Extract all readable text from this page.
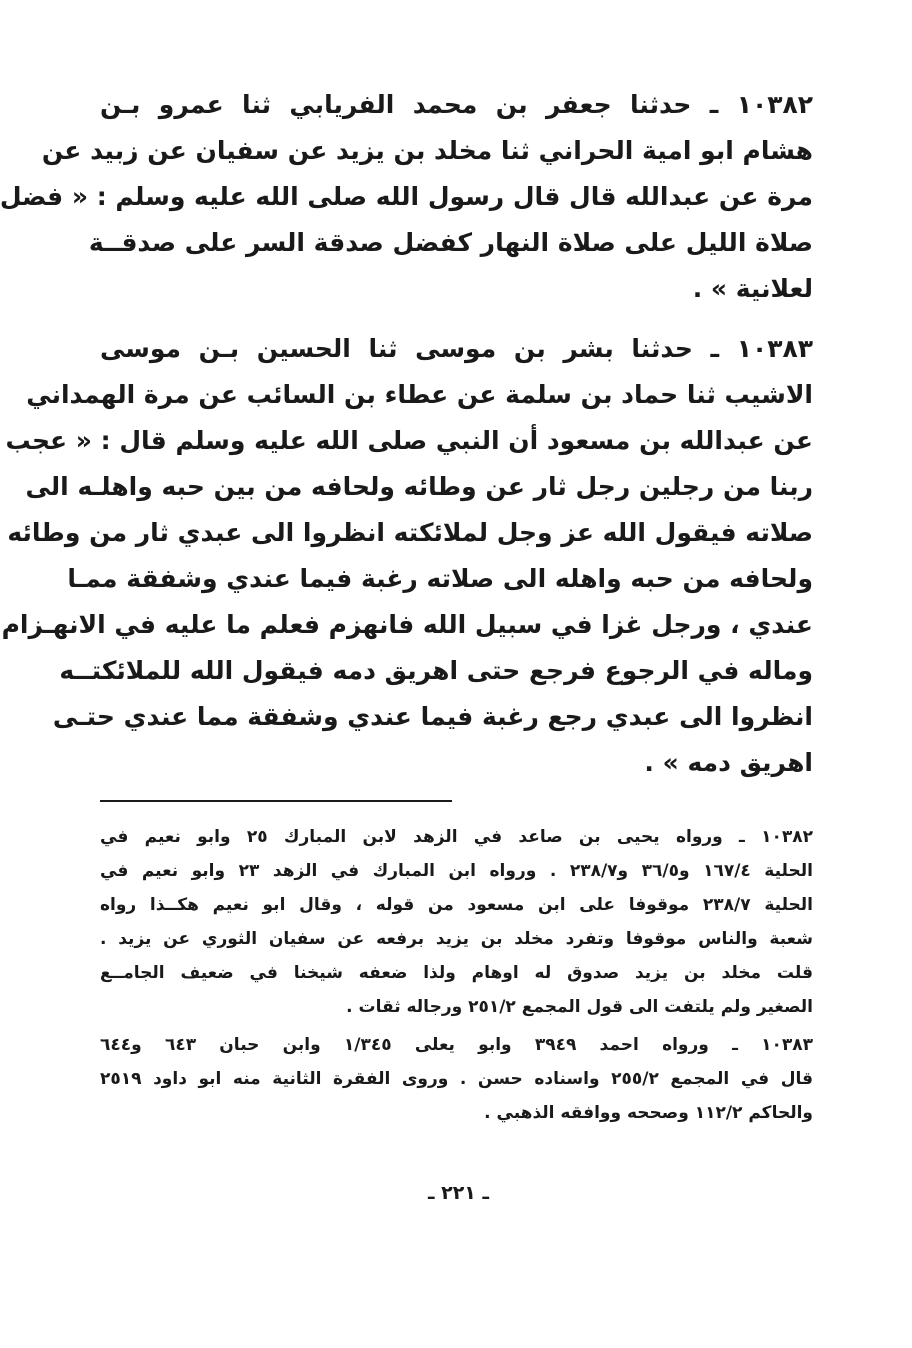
١٠٣٨٢ ـ حدثنا جعفر بن محمد الفريابي ثنا عمرو بـن
هشام ابو امية الحراني ثنا مخلد بن يزيد عن سفيان عن زبيد عن
مرة عن عبدالله قال قال رسول الله صلى الله عليه وسلم : « فضل
صلاة الليل على صلاة النهار كفضل صدقة السر على صدقــة
لعلانية » .
١٠٣٨٣ ـ حدثنا بشر بن موسى ثنا الحسين بـن موسى
الاشيب ثنا حماد بن سلمة عن عطاء بن السائب عن مرة الهمداني
عن عبدالله بن مسعود أن النبي صلى الله عليه وسلم قال : « عجب
ربنا من رجلين رجل ثار عن وطائه ولحافه من بين حبه واهلـه الى
صلاته فيقول الله عز وجل لملائكته انظروا الى عبدي ثار من وطائه
ولحافه من حبه واهله الى صلاته رغبة فيما عندي وشفقة ممـا
عندي ، ورجل غزا في سبيل الله فانهزم فعلم ما عليه في الانهـزام
وماله في الرجوع فرجع حتى اهريق دمه فيقول الله للملائكتــه
انظروا الى عبدي رجع رغبة فيما عندي وشفقة مما عندي حتـى
اهريق دمه » .
١٠٣٨٢ ـ ورواه يحيى بن صاعد في الزهد لابن المبارك ٢٥ وابو نعيم في
الحلية ١٦٧/٤ و٣٦/٥ و٢٣٨/٧ . ورواه ابن المبارك في الزهد ٢٣ وابو نعيم في
الحلية ٢٣٨/٧ موقوفا على ابن مسعود من قوله ، وقال ابو نعيم هكــذا رواه
شعبة والناس موقوفا وتفرد مخلد بن يزيد برفعه عن سفيان الثوري عن يزيد .
قلت مخلد بن يزيد صدوق له اوهام ولذا ضعفه شيخنا في ضعيف الجامــع
الصغير ولم يلتفت الى قول المجمع ٢٥١/٢ ورجاله ثقات .
١٠٣٨٣ ـ ورواه احمد ٣٩٤٩ وابو يعلى ١/٣٤٥ وابن حبان ٦٤٣ و٦٤٤
قال في المجمع ٢٥٥/٢ واسناده حسن . وروى الفقرة الثانية منه ابو داود ٢٥١٩
والحاكم ١١٢/٢ وصححه ووافقه الذهبي .
ـ ٢٢١ ـ
